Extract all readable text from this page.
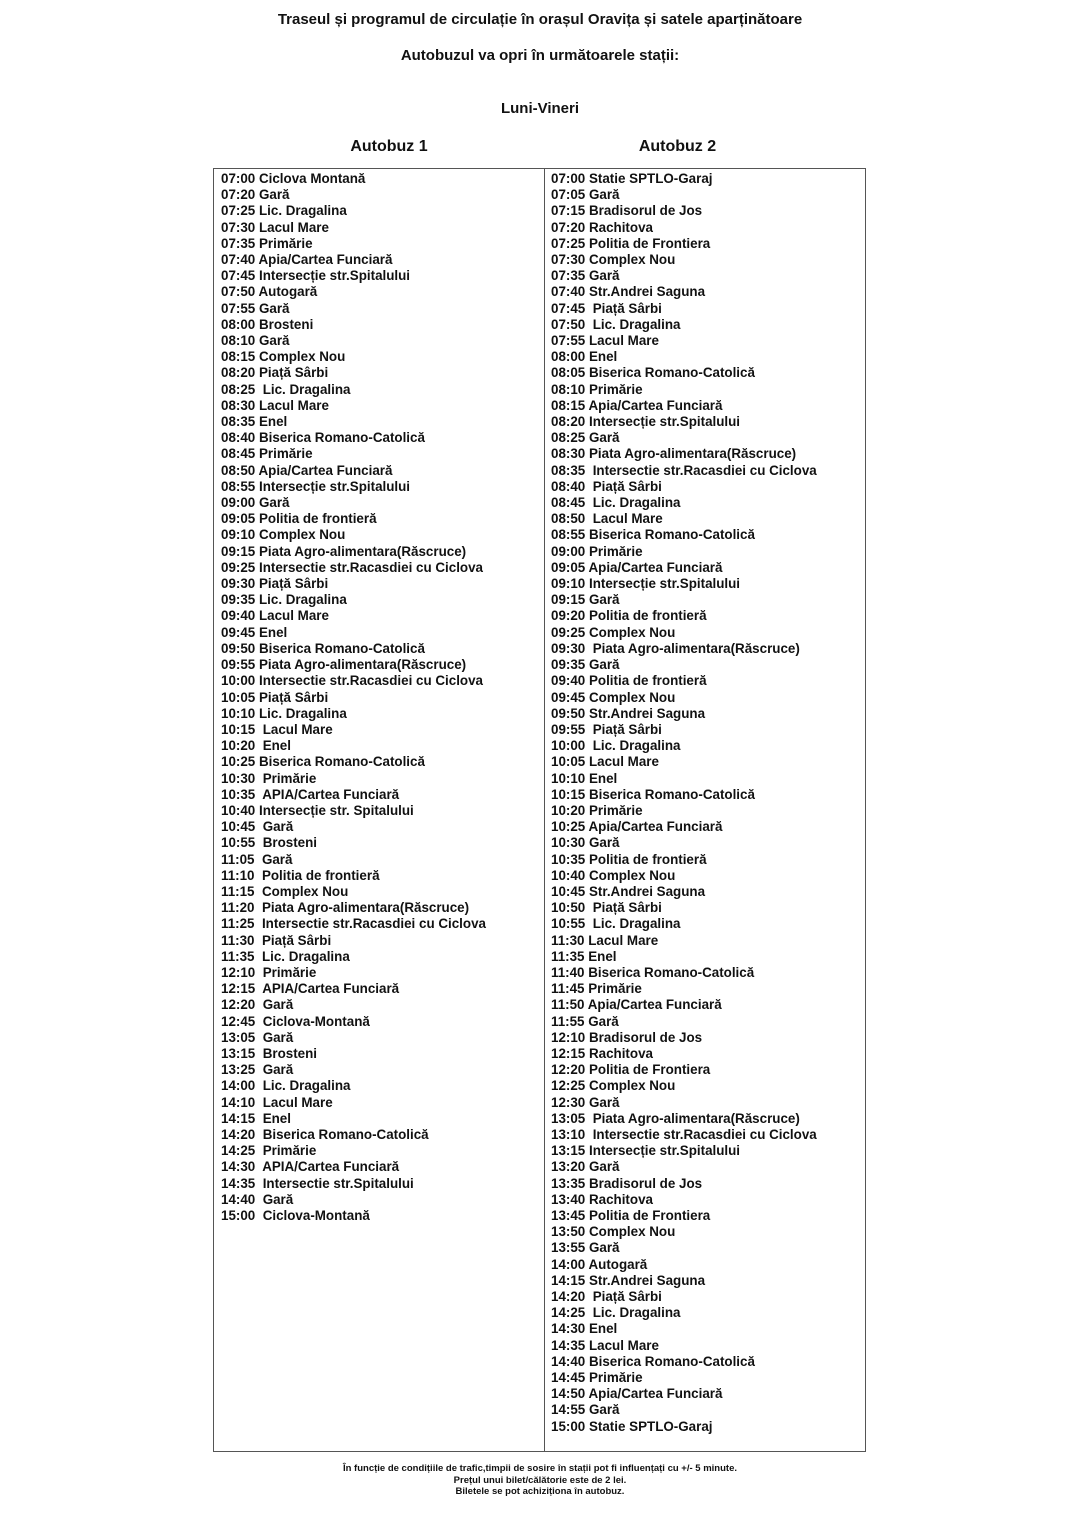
Traseul și programul de circulație în orașul Oravița și satele aparținătoare
Autobuzul va opri în următoarele stații:
Luni-Vineri
Autobuz 1	Autobuz 2
07:00 Ciclova Montană
07:20 Gară
07:25 Lic. Dragalina
07:30 Lacul Mare
07:35 Primărie
07:40 Apia/Cartea Funciară
07:45 Intersecție str.Spitalului
07:50 Autogară
07:55 Gară
08:00 Brosteni
08:10 Gară
08:15 Complex Nou
08:20 Piață Sârbi
08:25  Lic. Dragalina
08:30 Lacul Mare
08:35 Enel
08:40 Biserica Romano-Catolică
08:45 Primărie
08:50 Apia/Cartea Funciară
08:55 Intersecție str.Spitalului
09:00 Gară
09:05 Politia de frontieră
09:10 Complex Nou
09:15 Piata Agro-alimentara(Răscruce)
09:25 Intersectie str.Racasdiei cu Ciclova
09:30 Piață Sârbi
09:35 Lic. Dragalina
09:40 Lacul Mare
09:45 Enel
09:50 Biserica Romano-Catolică
09:55 Piata Agro-alimentara(Răscruce)
10:00 Intersectie str.Racasdiei cu Ciclova
10:05 Piață Sârbi
10:10 Lic. Dragalina
10:15  Lacul Mare
10:20  Enel
10:25 Biserica Romano-Catolică
10:30  Primărie
10:35  APIA/Cartea Funciară
10:40 Intersecție str. Spitalului
10:45  Gară
10:55  Brosteni
11:05  Gară
11:10  Politia de frontieră
11:15  Complex Nou
11:20  Piata Agro-alimentara(Răscruce)
11:25  Intersectie str.Racasdiei cu Ciclova
11:30  Piață Sârbi
11:35  Lic. Dragalina
12:10  Primărie
12:15  APIA/Cartea Funciară
12:20  Gară
12:45  Ciclova-Montană
13:05  Gară
13:15  Brosteni
13:25  Gară
14:00  Lic. Dragalina
14:10  Lacul Mare
14:15  Enel
14:20  Biserica Romano-Catolică
14:25  Primărie
14:30  APIA/Cartea Funciară
14:35  Intersectie str.Spitalului
14:40  Gară
15:00  Ciclova-Montană
07:00 Statie SPTLO-Garaj
07:05 Gară
07:15 Bradisorul de Jos
07:20 Rachitova
07:25 Politia de Frontiera
07:30 Complex Nou
07:35 Gară
07:40 Str.Andrei Saguna
07:45  Piață Sârbi
07:50  Lic. Dragalina
07:55 Lacul Mare
08:00 Enel
08:05 Biserica Romano-Catolică
08:10 Primărie
08:15 Apia/Cartea Funciară
08:20 Intersecție str.Spitalului
08:25 Gară
08:30 Piata Agro-alimentara(Răscruce)
08:35  Intersectie str.Racasdiei cu Ciclova
08:40  Piață Sârbi
08:45  Lic. Dragalina
08:50  Lacul Mare
08:55 Biserica Romano-Catolică
09:00 Primărie
09:05 Apia/Cartea Funciară
09:10 Intersecție str.Spitalului
09:15 Gară
09:20 Politia de frontieră
09:25 Complex Nou
09:30  Piata Agro-alimentara(Răscruce)
09:35 Gară
09:40 Politia de frontieră
09:45 Complex Nou
09:50 Str.Andrei Saguna
09:55  Piață Sârbi
10:00  Lic. Dragalina
10:05 Lacul Mare
10:10 Enel
10:15 Biserica Romano-Catolică
10:20 Primărie
10:25 Apia/Cartea Funciară
10:30 Gară
10:35 Politia de frontieră
10:40 Complex Nou
10:45 Str.Andrei Saguna
10:50  Piață Sârbi
10:55  Lic. Dragalina
11:30 Lacul Mare
11:35 Enel
11:40 Biserica Romano-Catolică
11:45 Primărie
11:50 Apia/Cartea Funciară
11:55 Gară
12:10 Bradisorul de Jos
12:15 Rachitova
12:20 Politia de Frontiera
12:25 Complex Nou
12:30 Gară
13:05  Piata Agro-alimentara(Răscruce)
13:10  Intersectie str.Racasdiei cu Ciclova
13:15 Intersecție str.Spitalului
13:20 Gară
13:35 Bradisorul de Jos
13:40 Rachitova
13:45 Politia de Frontiera
13:50 Complex Nou
13:55 Gară
14:00 Autogară
14:15 Str.Andrei Saguna
14:20  Piață Sârbi
14:25  Lic. Dragalina
14:30 Enel
14:35 Lacul Mare
14:40 Biserica Romano-Catolică
14:45 Primărie
14:50 Apia/Cartea Funciară
14:55 Gară
15:00 Statie SPTLO-Garaj
În funcție de condițiile de trafic,timpii de sosire în stații pot fi influențați cu +/- 5 minute.
Prețul unui bilet/călătorie este de 2 lei.
Biletele se pot achiziționa în autobuz.
